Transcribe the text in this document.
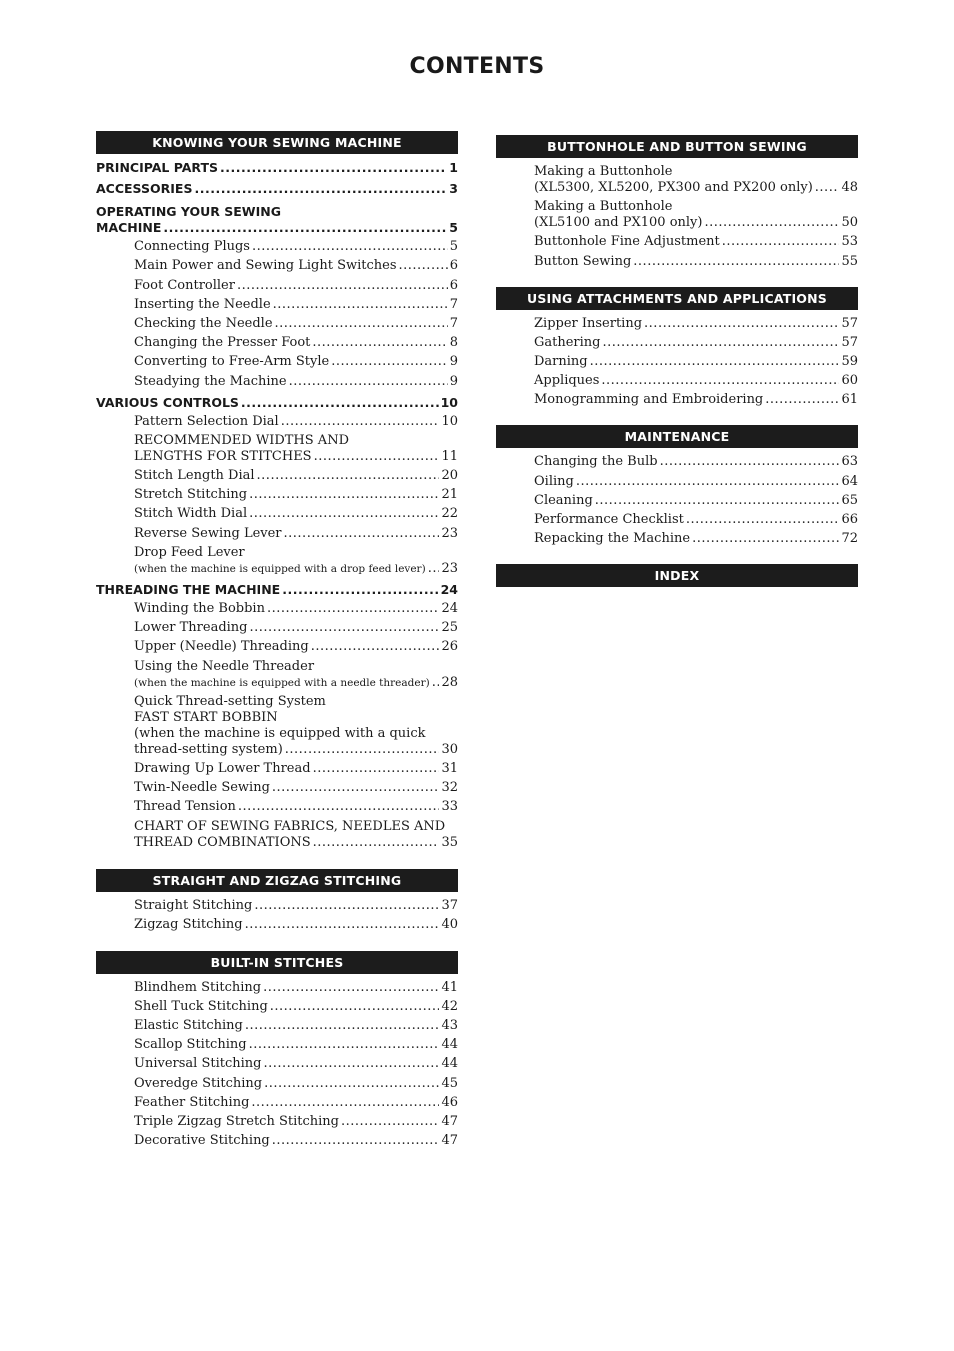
CONTENTS
KNOWING YOUR SEWING MACHINE
PRINCIPAL PARTS .....	1
ACCESSORIES .....	3
OPERATING YOUR SEWING
MACHINE .....	5
Connecting Plugs .....	5
Main Power and Sewing Light Switches .....	6
Foot Controller .....	6
Inserting the Needle .....	7
Checking the Needle .....	7
Changing the Presser Foot .....	8
Converting to Free-Arm Style .....	9
Steadying the Machine .....	9
VARIOUS CONTROLS .....	10
Pattern Selection Dial .....	10
RECOMMENDED WIDTHS AND
LENGTHS FOR STITCHES .....	11
Stitch Length Dial .....	20
Stretch Stitching .....	21
Stitch Width Dial .....	22
Reverse Sewing Lever .....	23
Drop Feed Lever
(when the machine is equipped with a drop feed lever) ..... 23
THREADING THE MACHINE .....	24
Winding the Bobbin .....	24
Lower Threading .....	25
Upper (Needle) Threading .....	26
Using the Needle Threader
(when the machine is equipped with a needle threader) ..... 28
Quick Thread-setting System
FAST START BOBBIN
(when the machine is equipped with a quick
thread-setting system) .....	30
Drawing Up Lower Thread .....	31
Twin-Needle Sewing .....	32
Thread Tension .....	33
CHART OF SEWING FABRICS, NEEDLES AND
THREAD COMBINATIONS .....	35
STRAIGHT AND ZIGZAG STITCHING
Straight Stitching .....	37
Zigzag Stitching .....	40
BUILT-IN STITCHES
Blindhem Stitching .....	41
Shell Tuck Stitching .....	42
Elastic Stitching .....	43
Scallop Stitching .....	44
Universal Stitching .....	44
Overedge Stitching .....	45
Feather Stitching .....	46
Triple Zigzag Stretch Stitching .....	47
Decorative Stitching .....	47
BUTTONHOLE AND BUTTON SEWING
Making a Buttonhole
(XL5300, XL5200, PX300 and PX200 only) ..... 48
Making a Buttonhole
(XL5100 and PX100 only) .....	50
Buttonhole Fine Adjustment .....	53
Button Sewing .....	55
USING ATTACHMENTS AND APPLICATIONS
Zipper Inserting .....	57
Gathering .....	57
Darning .....	59
Appliques .....	60
Monogramming and Embroidering .....	61
MAINTENANCE
Changing the Bulb .....	63
Oiling .....	64
Cleaning .....	65
Performance Checklist .....	66
Repacking the Machine .....	72
INDEX
